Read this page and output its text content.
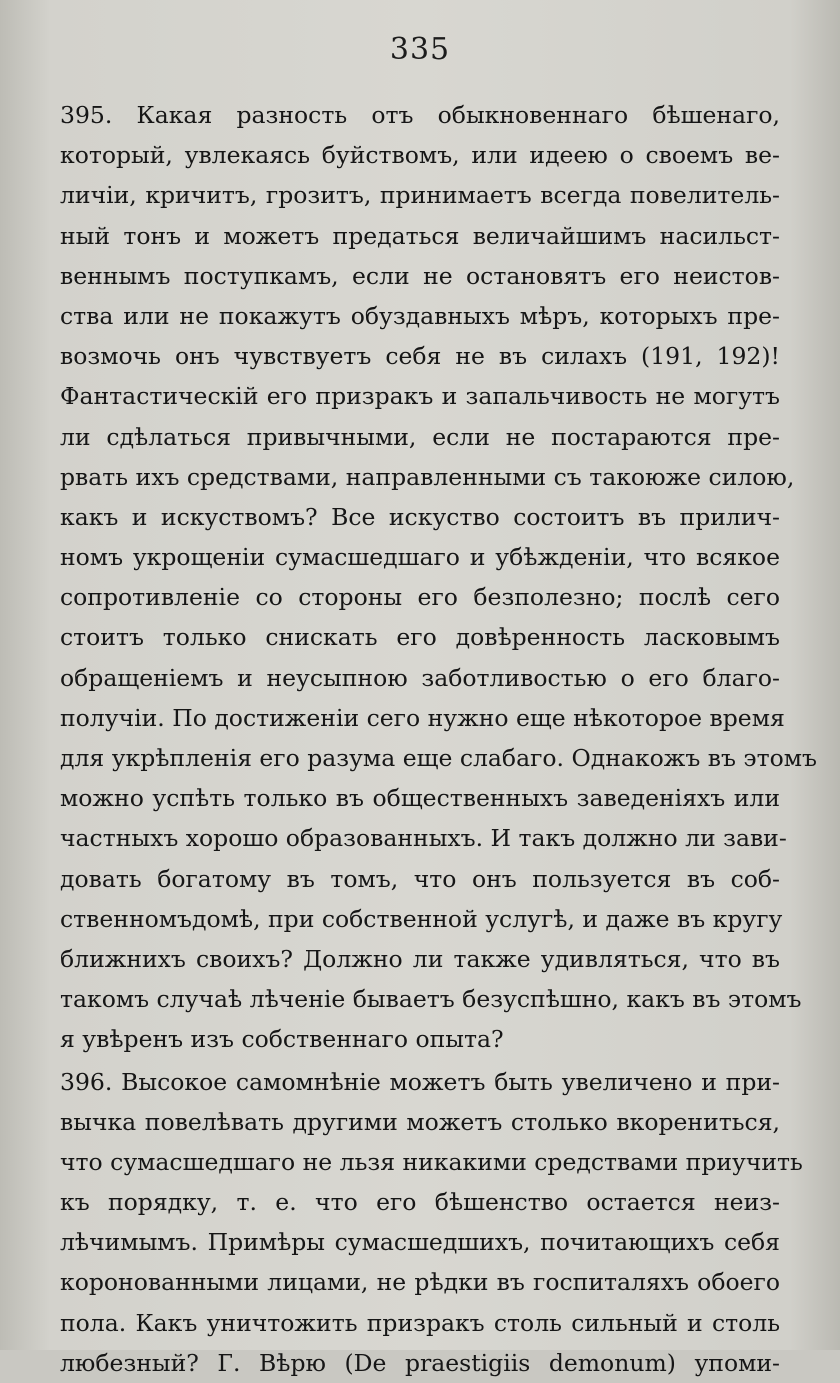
335
395. Какая разность отъ обыкновеннаго бѣшенаго,
который, увлекаясь буйствомъ, или идеею о своемъ ве-
личіи, кричитъ, грозитъ, принимаетъ всегда повелитель-
ный тонъ и можетъ предаться величайшимъ насильст-
веннымъ поступкамъ, если не остановятъ его неистов-
ства или не покажутъ обуздавныхъ мѣръ, которыхъ пре-
возмочь онъ чувствуетъ себя не въ силахъ (191, 192)!
Фантастическій его призракъ и запальчивость не могутъ
ли сдѣлаться привычными, если не постараются пре-
рвать ихъ средствами, направленными съ такоюже силою,
какъ и искуствомъ? Все искуство состоитъ въ прилич-
номъ укрощеніи сумасшедшаго и убѣжденіи, что всякое
сопротивленіе со стороны его безполезно; послѣ сего
стоитъ только снискать его довѣренность ласковымъ
обращеніемъ и неусыпною заботливостью о его благо-
получіи. По достиженіи сего нужно еще нѣкоторое время
для укрѣпленія его разума еще слабаго. Однакожъ въ этомъ
можно успѣть только въ общественныхъ заведеніяхъ или
частныхъ хорошо образованныхъ. И такъ должно ли зави-
довать богатому въ томъ, что онъ пользуется въ соб-
ственномъдомѣ, при собственной услугѣ, и даже въ кругу
ближнихъ своихъ? Должно ли также удивляться, что въ
такомъ случаѣ лѣченіе бываетъ безуспѣшно, какъ въ этомъ
я увѣренъ изъ собственнаго опыта?
396. Высокое самомнѣніе можетъ быть увеличено и при-
вычка повелѣвать другими можетъ столько вкорениться,
что сумасшедшаго не льзя никакими средствами приучить
къ порядку, т. е. что его бѣшенство остается неиз-
лѣчимымъ. Примѣры сумасшедшихъ, почитающихъ себя
коронованными лицами, не рѣдки въ госпиталяхъ обоего
пола. Какъ уничтожить призракъ столь сильный и столь
любезный? Г. Вѣрю (De praestigiis demonum) упоми-
